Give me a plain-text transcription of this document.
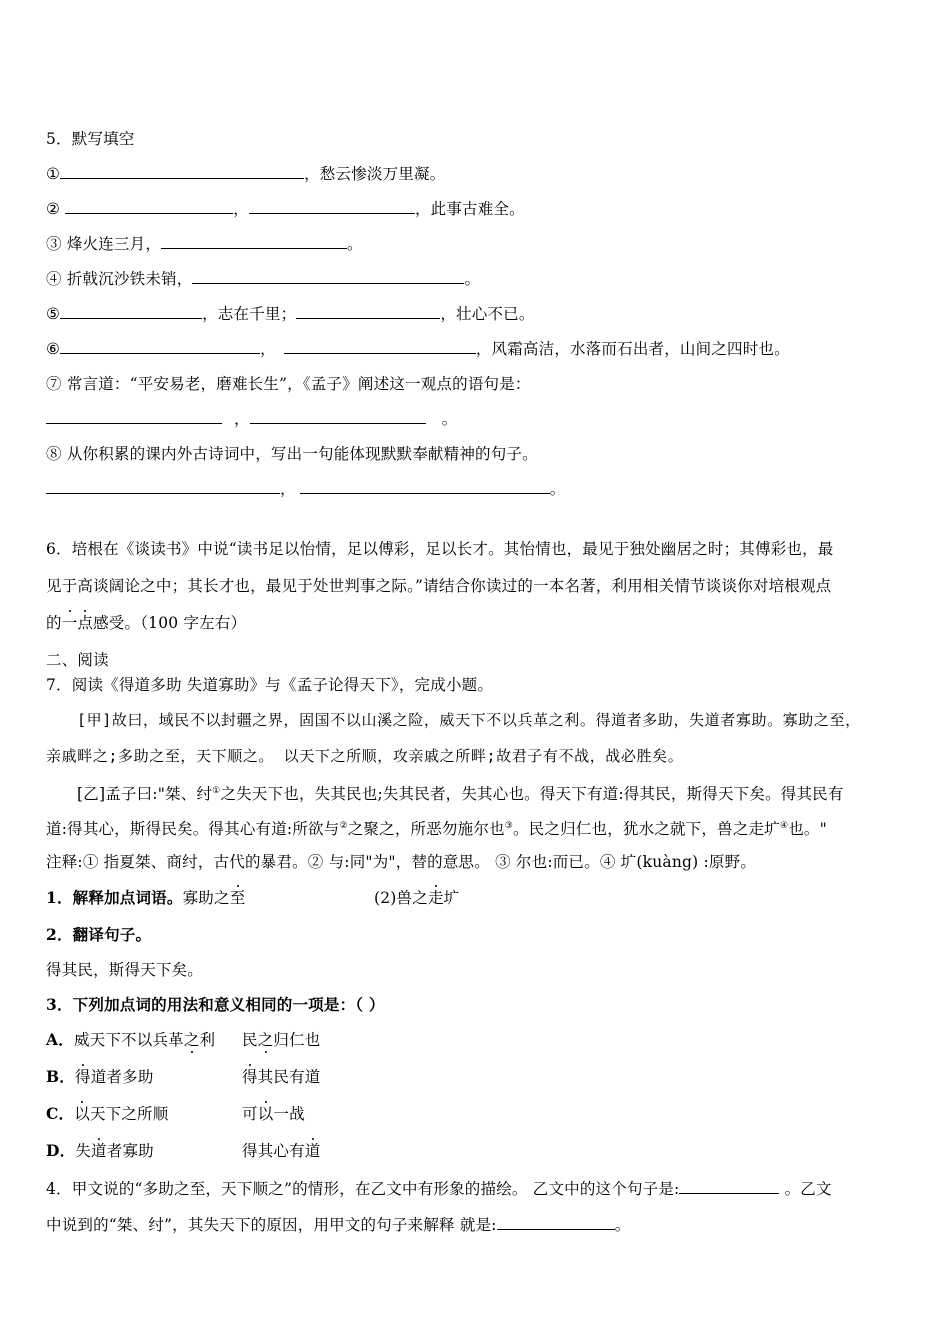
5．默写填空
①	，愁云惨淡万里凝。
②	，	，此事古难全。
③ 烽火连三月，	。
④ 折戟沉沙铁未销，	。
⑤	，志在千里；	，壮心不已。
⑥	，	，风霜高洁，水落而石出者，山间之四时也。
⑦ 常言道：“平安易老，磨难长生”，《孟子》阐述这一观点的语句是：
，	。
⑧ 从你积累的课内外古诗词中，写出一句能体现默默奉献精神的句子。
，	。
6．培根在《谈读书》中说“读书足以怡情，足以傅彩，足以长才。其怡情也，最见于独处幽居之时；其傅彩也，最
见于高谈阔论之中；其长才也，最见于处世判事之际。”请结合你读过的一本名著，利用相关情节谈谈你对培根观点
的一点感受。（100 字左右）
二、阅读
7．阅读《得道多助 失道寡助》与《孟子论得天下》，完成小题。
[甲]故曰，域民不以封疆之界，固国不以山溪之险，威天下不以兵革之利。得道者多助，失道者寡助。寡助之至，
亲戚畔之;多助之至，天下顺之。 以天下之所顺，攻亲戚之所畔;故君子有不战，战必胜矣。
[乙]孟子曰:"桀、纣①之失天下也，失其民也;失其民者，失其心也。得天下有道:得其民，斯得天下矣。得其民有
道:得其心，斯得民矣。得其心有道:所欲与②之聚之，所恶勿施尔也③。民之归仁也，犹水之就下，兽之走圹④也。"
注释:① 指夏桀、商纣，古代的暴君。② 与:同"为"，替的意思。 ③ 尔也:而已。④ 圹(kuàng) :原野。
1．解释加点词语。寡助之至	(2)兽之走圹
2．翻译句子。
得其民，斯得天下矣。
3．下列加点词的用法和意义相同的一项是：（ ）
A．威天下不以兵革之利 民之归仁也
B．得道者多助	得其民有道
C．以天下之所顺	可以一战
D．失道者寡助	得其心有道
4．甲文说的“多助之至，天下顺之”的情形，在乙文中有形象的描绘。 乙文中的这个句子是:	。乙文
中说到的“桀、纣”，其失天下的原因，用甲文的句子来解释 就是:	。
